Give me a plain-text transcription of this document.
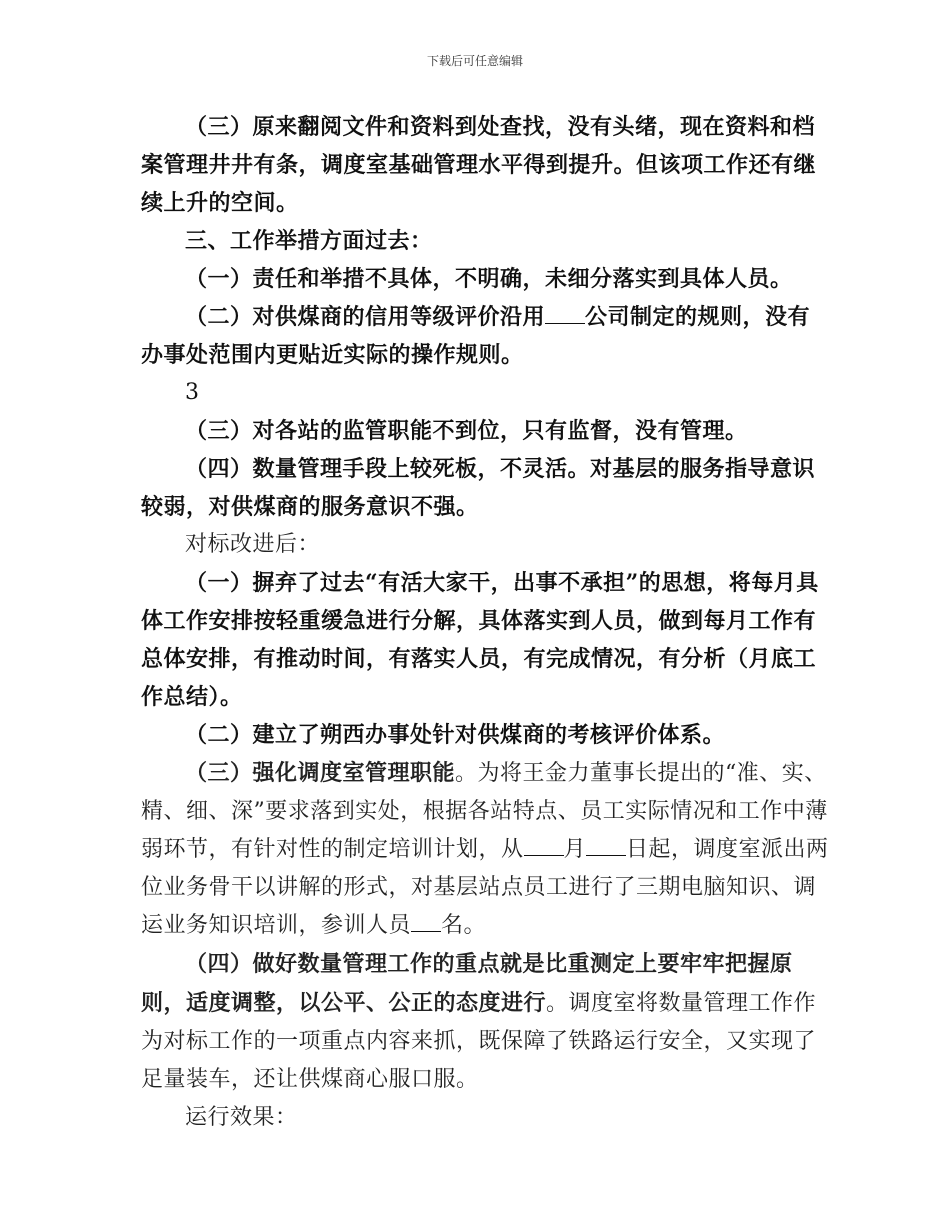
下载后可任意编辑

（三）原来翻阅文件和资料到处查找，没有头绪，现在资料和档案管理井井有条，调度室基础管理水平得到提升。但该项工作还有继续上升的空间。

三、工作举措方面过去：

（一）责任和举措不具体，不明确，未细分落实到具体人员。

（二）对供煤商的信用等级评价沿用 公司制定的规则，没有办事处范围内更贴近实际的操作规则。

3

（三）对各站的监管职能不到位，只有监督，没有管理。

（四）数量管理手段上较死板，不灵活。对基层的服务指导意识较弱，对供煤商的服务意识不强。

对标改进后：

（一）摒弃了过去“有活大家干，出事不承担”的思想，将每月具体工作安排按轻重缓急进行分解，具体落实到人员，做到每月工作有总体安排，有推动时间，有落实人员，有完成情况，有分析（月底工作总结）。

（二）建立了朔西办事处针对供煤商的考核评价体系。

（三）强化调度室管理职能。为将王金力董事长提出的“准、实、精、细、深”要求落到实处，根据各站特点、员工实际情况和工作中薄弱环节，有针对性的制定培训计划，从 月 日起，调度室派出两位业务骨干以讲解的形式，对基层站点员工进行了三期电脑知识、调运业务知识培训，参训人员 名。

（四）做好数量管理工作的重点就是比重测定上要牢牢把握原则，适度调整，以公平、公正的态度进行。调度室将数量管理工作作为对标工作的一项重点内容来抓，既保障了铁路运行安全，又实现了足量装车，还让供煤商心服口服。

运行效果：
